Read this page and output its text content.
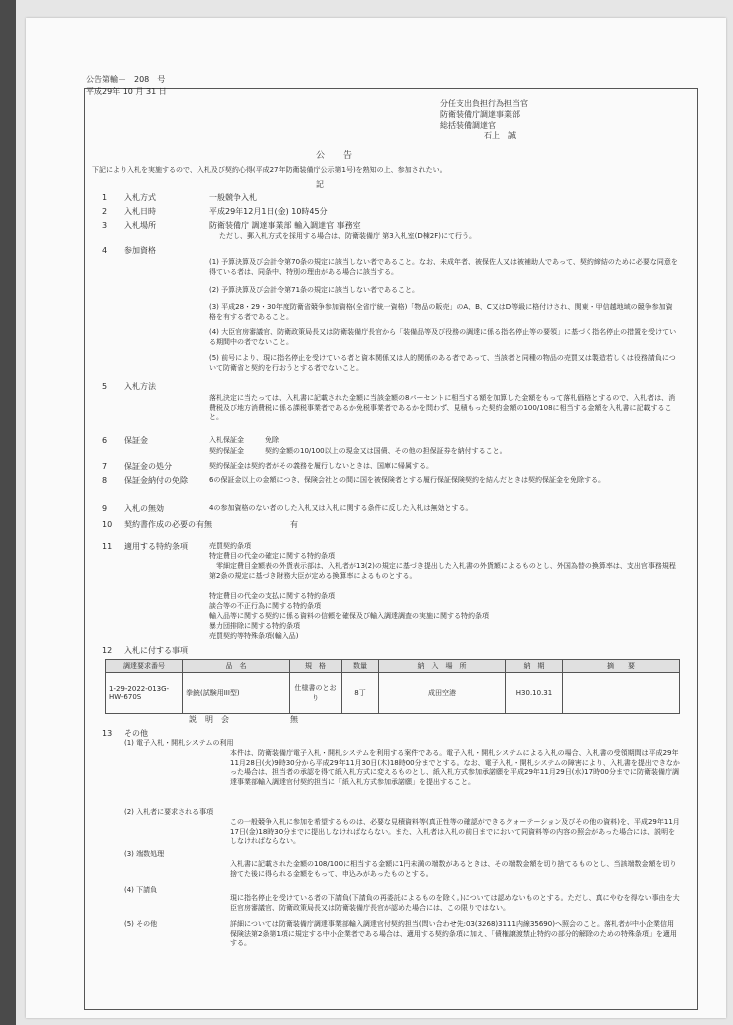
公告第輸－　208　号
平成29年 10 月 31 日
分任支出負担行為担当官
防衛装備庁調達事業部
総括装備調達官
石上　誠
公　　告
下記により入札を実施するので、入札及び契約心得(平成27年防衛装備庁公示第1号)を熟知の上、参加されたい。
記
1 入札方式	一般競争入札
2 入札日時	平成29年12月1日(金) 10時45分
3 入札場所	防衛装備庁 調達事業部 輸入調達官 事務室
ただし、郵入札方式を採用する場合は、防衛装備庁 第3入札室(D棟2F)にて行う。
4 参加資格
(1) 予算決算及び会計令第70条の規定に該当しない者であること。なお、未成年者、被保佐人又は被補助人であって、契約締結のために必要な同意を得ている者は、同条中、特別の理由がある場合に該当する。
(2) 予算決算及び会計令第71条の規定に該当しない者であること。
(3) 平成28・29・30年度防衛省競争参加資格(全省庁統一資格)「物品の販売」のA、B、C又はD等級に格付けされ、関東・甲信越地域の競争参加資格を有する者であること。
(4) 大臣官房審議官、防衛政策局長又は防衛装備庁長官から「装備品等及び役務の調達に係る指名停止等の要領」に基づく指名停止の措置を受けている期間中の者でないこと。
(5) 前号により、現に指名停止を受けている者と資本関係又は人的関係のある者であって、当該者と同種の物品の売買又は製造若しくは役務請負について防衛省と契約を行おうとする者でないこと。
5 入札方法
落札決定に当たっては、入札書に記載された金額に当該金額の8パーセントに相当する額を加算した金額をもって落札価格とするので、入札者は、消費税及び地方消費税に係る課税事業者であるか免税事業者であるかを問わず、見積もった契約金額の100/108に相当する金額を入札書に記載すること。
6 保証金	入札保証金　　　免除
契約保証金　　　契約金額の10/100以上の現金又は国債、その他の担保証券を納付すること。
7 保証金の処分	契約保証金は契約者がその義務を履行しないときは、国庫に帰属する。
8 保証金納付の免除	6の保証金以上の金額につき、保険会社との間に国を被保険者とする履行保証保険契約を結んだときは契約保証金を免除する。
9 入札の無効	4の参加資格のない者のした入札又は入札に関する条件に反した入札は無効とする。
10 契約書作成の必要の有無	有
11 適用する特約条項	売買契約条項
特定費目の代金の確定に関する特約条項
　零細定費目金額表の外貨表示部は、入札者が13(2)の規定に基づき提出した入札書の外貨額によるものとし、外国為替の換算率は、支出官事務規程第2条の規定に基づき財務大臣が定める換算率によるものとする。
特定費目の代金の支払に関する特約条項
談合等の不正行為に関する特約条項
輸入品等に関する契約に係る資料の信頼を確保及び輸入調達調査の実施に関する特約条項
暴力団排除に関する特約条項
売買契約等特殊条項(輸入品)
12 入札に付する事項
調達要求番号	品　名	規　格	数量	納　入　場　所	納　期	摘　　要
1-29-2022-013G-HW-670S	拳銃(試験用III型)	仕様書のとおり	8丁	成田空港	H30.10.31	
説　明　会	無
13 その他
(1) 電子入札・開札システムの利用
本件は、防衛装備庁電子入札・開札システムを利用する案件である。電子入札・開札システムによる入札の場合、入札書の受領期間は平成29年11月28日(火)9時30分から平成29年11月30日(木)18時00分までとする。なお、電子入札・開札システムの障害により、入札書を提出できなかった場合は、担当者の承認を得て紙入札方式に変えるものとし、紙入札方式参加承諾願を平成29年11月29日(水)17時00分までに防衛装備庁調達事業部輸入調達官付契約担当に「紙入札方式参加承諾願」を提出すること。
(2) 入札者に要求される事項
この一般競争入札に参加を希望するものは、必要な見積資料等(真正性等の確認ができるクォーテーション及びその他の資料)を、平成29年11月17日(金)18時30分までに提出しなければならない。また、入札者は入札の前日までにおいて同資料等の内容の照会があった場合には、説明をしなければならない。
(3) 端数処理
入札書に記載された金額の108/100に相当する金額に1円未満の端数があるときは、その端数金額を切り捨てるものとし、当該端数金額を切り捨てた後に得られる金額をもって、申込みがあったものとする。
(4) 下請負
現に指名停止を受けている者の下請負(下請負の再委託によるものを除く。)については認めないものとする。ただし、真にやむを得ない事由を大臣官房審議官、防衛政策局長又は防衛装備庁長官が認めた場合には、この限りではない。
(5) その他	詳細については防衛装備庁調達事業部輸入調達官付契約担当(問い合わせ先:03(3268)3111内線35690)へ照会のこと。落札者が中小企業信用保険法第2条第1項に規定する中小企業者である場合は、適用する契約条項に加え、「債権譲渡禁止特約の部分的解除のための特殊条項」を適用する。
